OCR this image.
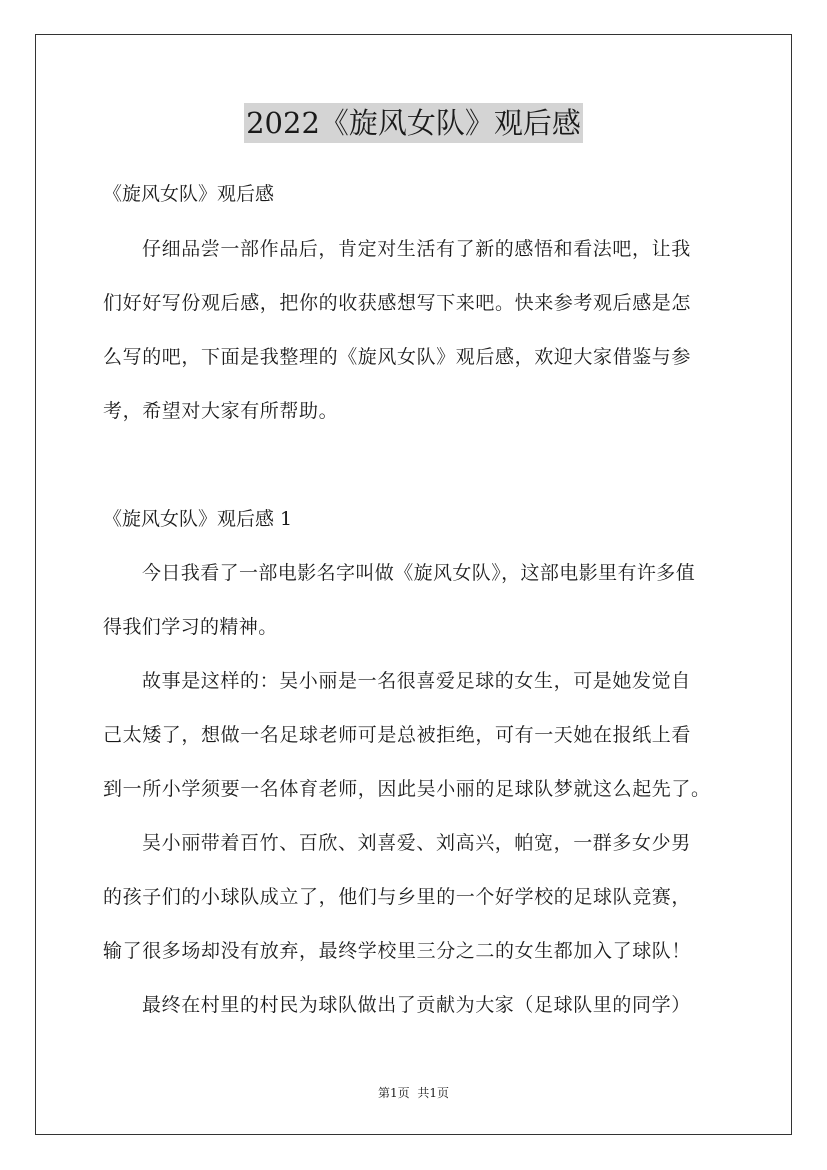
2022《旋风女队》观后感
《旋风女队》观后感
仔细品尝一部作品后，肯定对生活有了新的感悟和看法吧，让我
们好好写份观后感，把你的收获感想写下来吧。快来参考观后感是怎
么写的吧，下面是我整理的《旋风女队》观后感，欢迎大家借鉴与参
考，希望对大家有所帮助。
《旋风女队》观后感 1
今日我看了一部电影名字叫做《旋风女队》，这部电影里有许多值
得我们学习的精神。
故事是这样的：吴小丽是一名很喜爱足球的女生，可是她发觉自
己太矮了，想做一名足球老师可是总被拒绝，可有一天她在报纸上看
到一所小学须要一名体育老师，因此吴小丽的足球队梦就这么起先了。
吴小丽带着百竹、百欣、刘喜爱、刘高兴，帕宽，一群多女少男
的孩子们的小球队成立了，他们与乡里的一个好学校的足球队竞赛，
输了很多场却没有放弃，最终学校里三分之二的女生都加入了球队！
最终在村里的村民为球队做出了贡献为大家（足球队里的同学）
第1页 共1页
